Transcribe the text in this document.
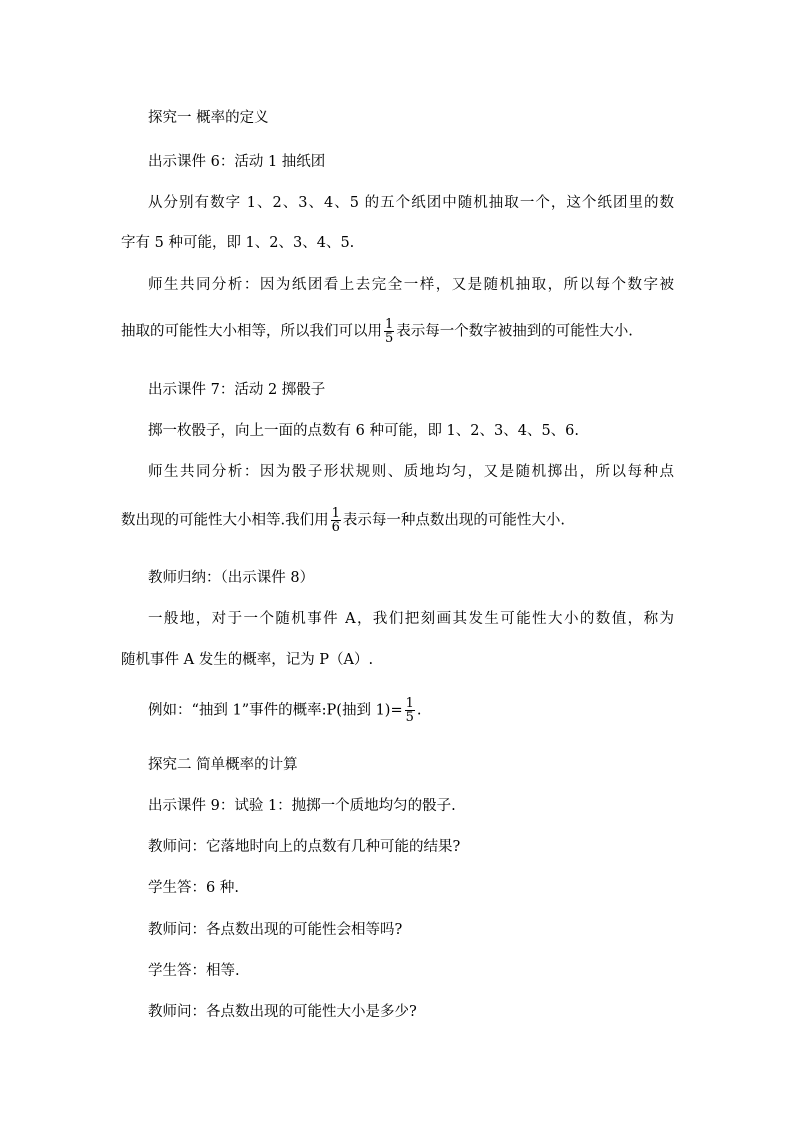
探究一 概率的定义
出示课件 6：活动 1 抽纸团
从分别有数字 1、2、3、4、5 的五个纸团中随机抽取一个，这个纸团里的数
字有 5 种可能，即 1、2、3、4、5.
师生共同分析：因为纸团看上去完全一样，又是随机抽取，所以每个数字被
抽取的可能性大小相等，所以我们可以用 $\frac{1}{5}$ 表示每一个数字被抽到的可能性大小.
出示课件 7：活动 2 掷骰子
掷一枚骰子，向上一面的点数有 6 种可能，即 1、2、3、4、5、6.
师生共同分析：因为骰子形状规则、质地均匀，又是随机掷出，所以每种点
数出现的可能性大小相等.我们用 $\frac{1}{6}$ 表示每一种点数出现的可能性大小.
教师归纳：（出示课件 8）
一般地，对于一个随机事件 A，我们把刻画其发生可能性大小的数值，称为
随机事件 A 发生的概率，记为 P（A）.
例如：“抽到 1”事件的概率:P(抽到 $1)= \frac{1}{5}$ .
探究二 简单概率的计算
出示课件 9：试验 1：抛掷一个质地均匀的骰子.
教师问：它落地时向上的点数有几种可能的结果?
学生答：6 种.
教师问：各点数出现的可能性会相等吗?
学生答：相等.
教师问：各点数出现的可能性大小是多少?
